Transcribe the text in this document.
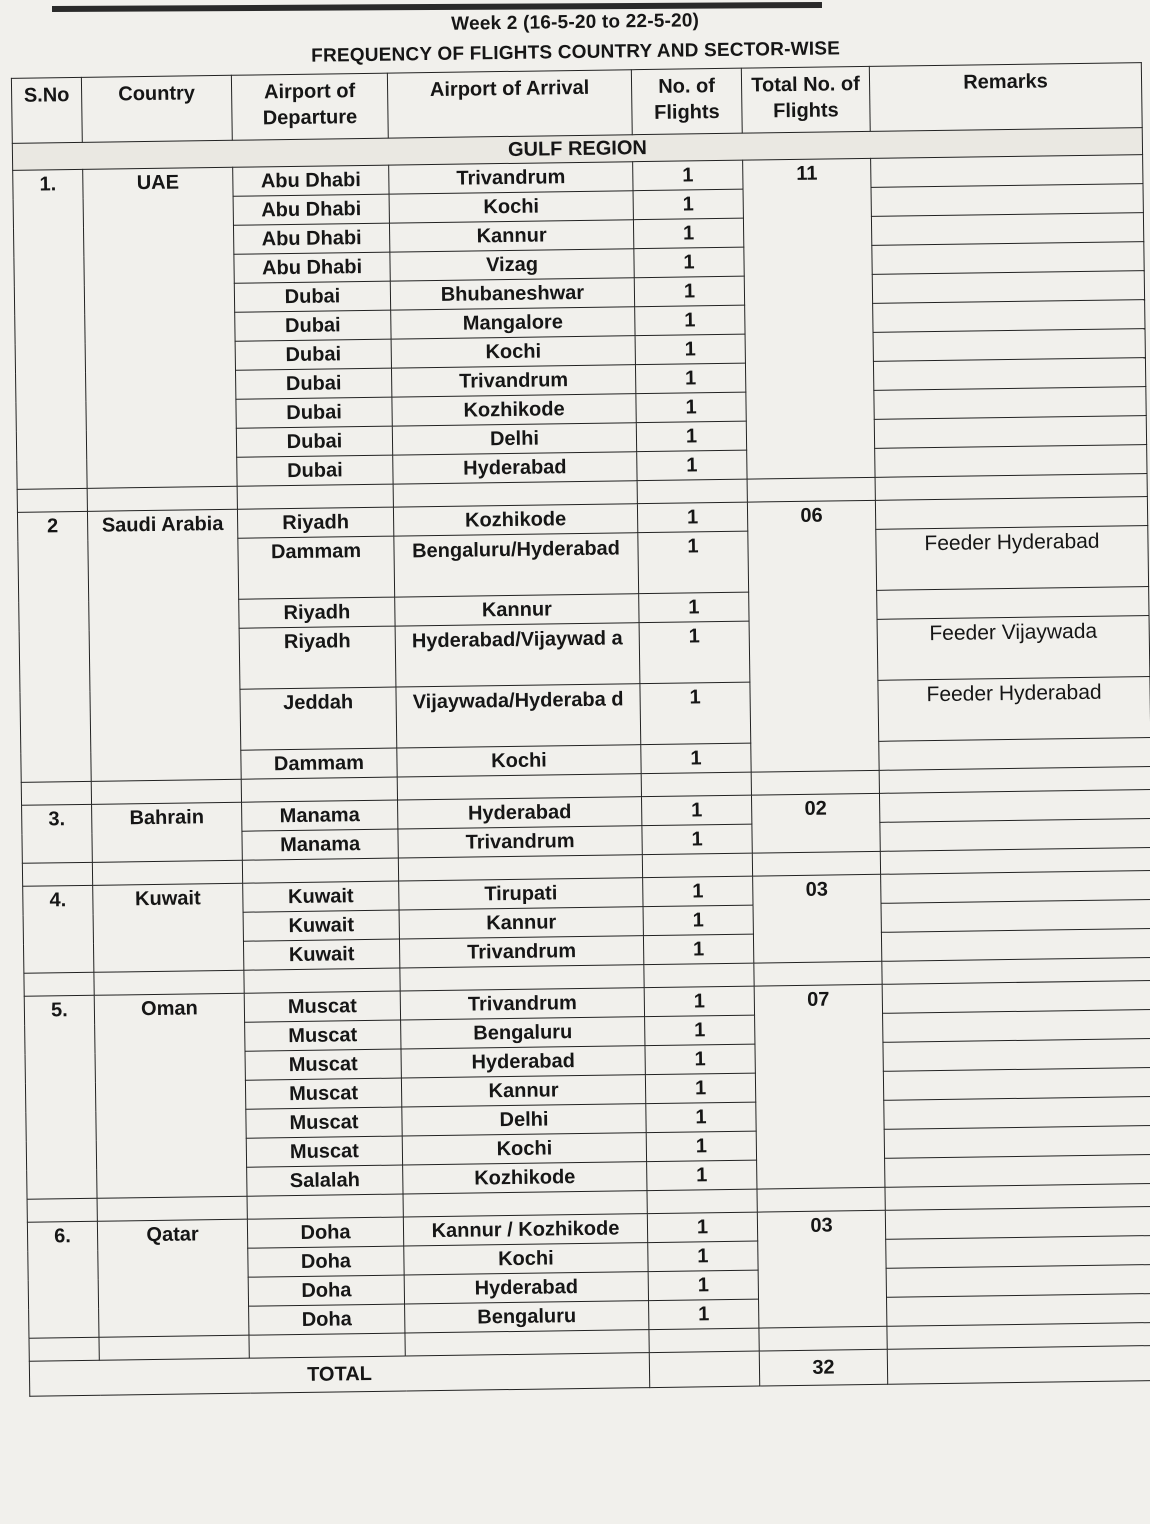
Week 2 (16-5-20 to 22-5-20)
FREQUENCY OF FLIGHTS COUNTRY AND SECTOR-WISE
S.No	Country	Airport of Departure	Airport of Arrival	No. of Flights	Total No. of Flights	Remarks
GULF REGION						
1.	UAE	Abu Dhabi	Trivandrum	1	11	
		Abu Dhabi	Kochi	1		
		Abu Dhabi	Kannur	1		
		Abu Dhabi	Vizag	1		
		Dubai	Bhubaneshwar	1		
		Dubai	Mangalore	1		
		Dubai	Kochi	1		
		Dubai	Trivandrum	1		
		Dubai	Kozhikode	1		
		Dubai	Delhi	1		
		Dubai	Hyderabad	1		

2	Saudi Arabia	Riyadh	Kozhikode	1	06	
		Dammam	Bengaluru/Hyderabad	1		Feeder Hyderabad
		Riyadh	Kannur	1		
		Riyadh	Hyderabad/Vijaywad a	1		Feeder Vijaywada
		Jeddah	Vijaywada/Hyderaba d	1		Feeder Hyderabad
		Dammam	Kochi	1		

3.	Bahrain	Manama	Hyderabad	1	02	
		Manama	Trivandrum	1		

4.	Kuwait	Kuwait	Tirupati	1	03	
		Kuwait	Kannur	1		
		Kuwait	Trivandrum	1		

5.	Oman	Muscat	Trivandrum	1	07	
		Muscat	Bengaluru	1		
		Muscat	Hyderabad	1		
		Muscat	Kannur	1		
		Muscat	Delhi	1		
		Muscat	Kochi	1		
		Salalah	Kozhikode	1		

6.	Qatar	Doha	Kannur / Kozhikode	1	03	
		Doha	Kochi	1		
		Doha	Hyderabad	1		
		Doha	Bengaluru	1		

TOTAL					32	
